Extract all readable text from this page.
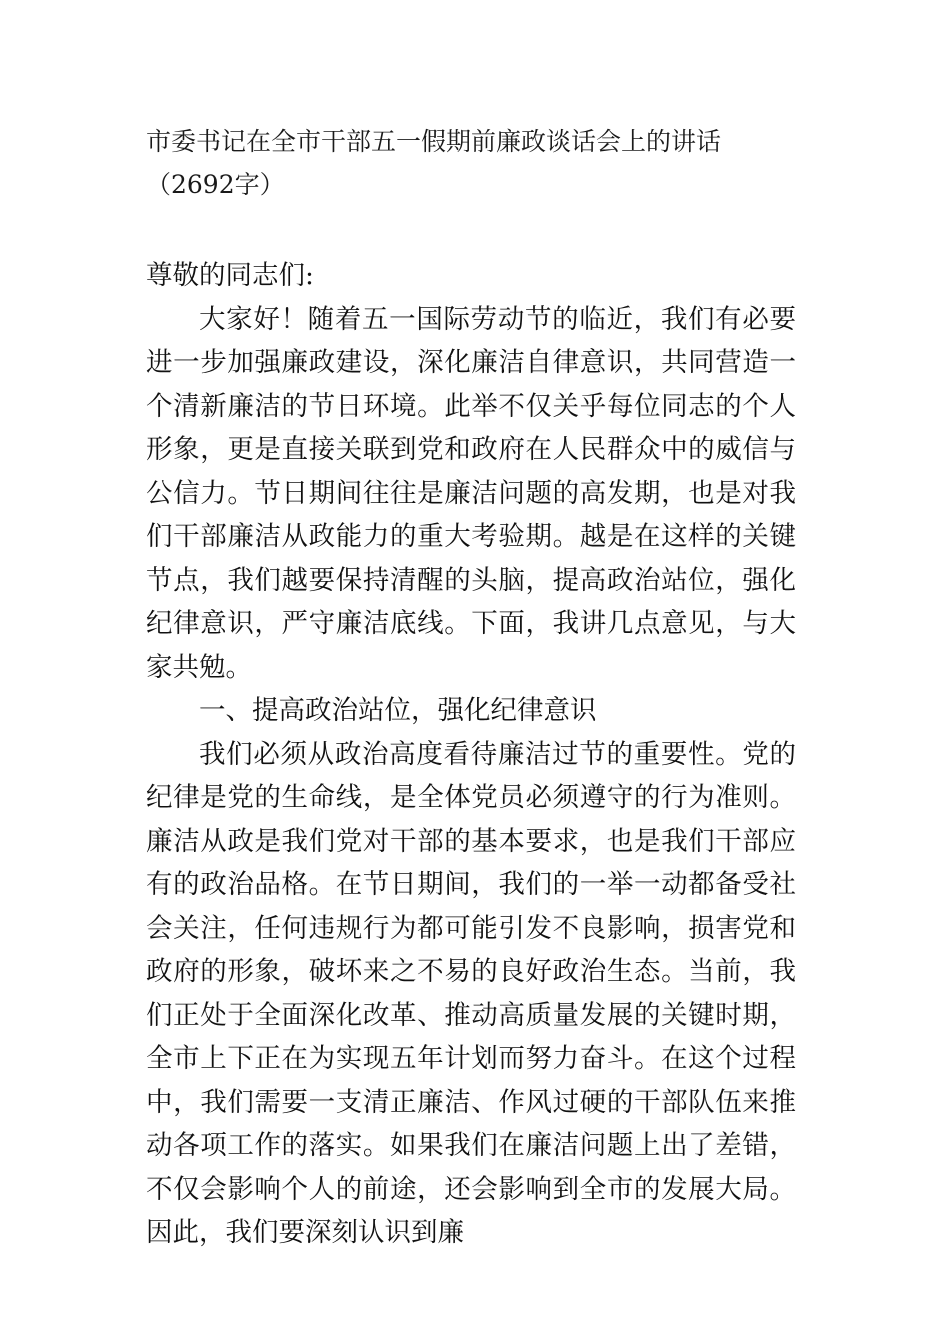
市委书记在全市干部五一假期前廉政谈话会上的讲话
（2692字）

尊敬的同志们:

大家好！随着五一国际劳动节的临近，我们有必要进一步加强廉政建设，深化廉洁自律意识，共同营造一个清新廉洁的节日环境。此举不仅关乎每位同志的个人形象，更是直接关联到党和政府在人民群众中的威信与公信力。节日期间往往是廉洁问题的高发期，也是对我们干部廉洁从政能力的重大考验期。越是在这样的关键节点，我们越要保持清醒的头脑，提高政治站位，强化纪律意识，严守廉洁底线。下面，我讲几点意见，与大家共勉。

一、提高政治站位，强化纪律意识

我们必须从政治高度看待廉洁过节的重要性。党的纪律是党的生命线，是全体党员必须遵守的行为准则。廉洁从政是我们党对干部的基本要求，也是我们干部应有的政治品格。在节日期间，我们的一举一动都备受社会关注，任何违规行为都可能引发不良影响，损害党和政府的形象，破坏来之不易的良好政治生态。当前，我们正处于全面深化改革、推动高质量发展的关键时期，全市上下正在为实现五年计划而努力奋斗。在这个过程中，我们需要一支清正廉洁、作风过硬的干部队伍来推动各项工作的落实。如果我们在廉洁问题上出了差错，不仅会影响个人的前途，还会影响到全市的发展大局。因此，我们要深刻认识到廉
